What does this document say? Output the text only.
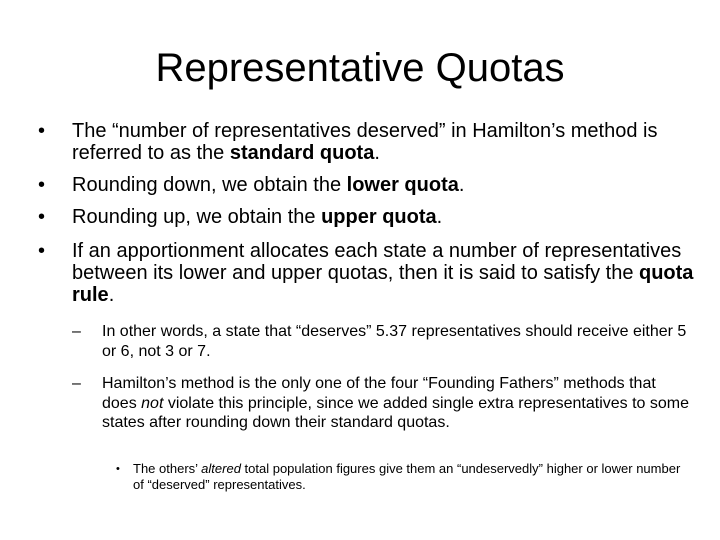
Representative Quotas
• The “number of representatives deserved” in Hamilton’s method is referred to as the standard quota.
• Rounding down, we obtain the lower quota.
• Rounding up, we obtain the upper quota.
• If an apportionment allocates each state a number of representatives between its lower and upper quotas, then it is said to satisfy the quota rule.
– In other words, a state that “deserves” 5.37 representatives should receive either 5 or 6, not 3 or 7.
– Hamilton’s method is the only one of the four “Founding Fathers” methods that does not violate this principle, since we added single extra representatives to some states after rounding down their standard quotas.
• The others’ altered total population figures give them an “undeservedly” higher or lower number of “deserved” representatives.
